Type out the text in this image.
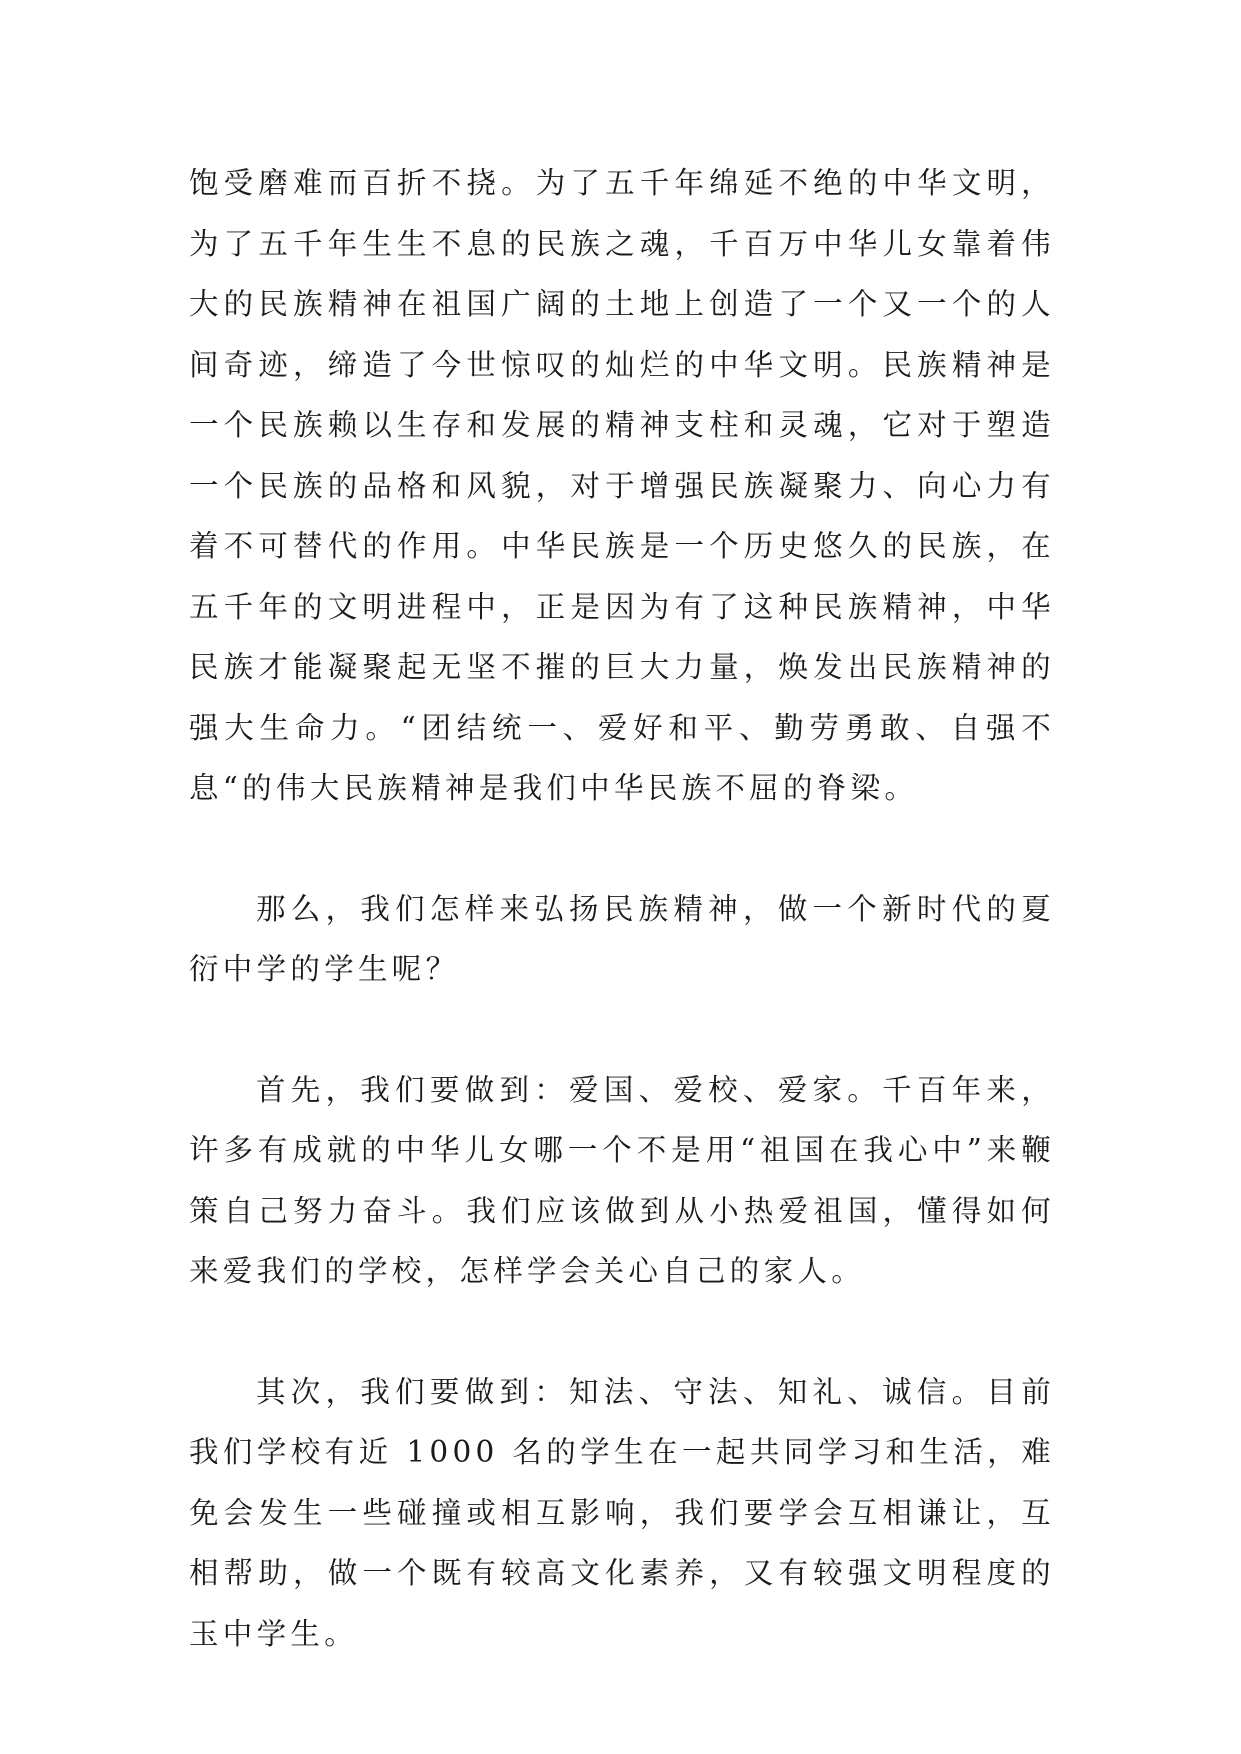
饱受磨难而百折不挠。为了五千年绵延不绝的中华文明，为了五千年生生不息的民族之魂，千百万中华儿女靠着伟大的民族精神在祖国广阔的土地上创造了一个又一个的人间奇迹，缔造了今世惊叹的灿烂的中华文明。民族精神是一个民族赖以生存和发展的精神支柱和灵魂，它对于塑造一个民族的品格和风貌，对于增强民族凝聚力、向心力有着不可替代的作用。中华民族是一个历史悠久的民族，在五千年的文明进程中，正是因为有了这种民族精神，中华民族才能凝聚起无坚不摧的巨大力量，焕发出民族精神的强大生命力。“团结统一、爱好和平、勤劳勇敢、自强不息“的伟大民族精神是我们中华民族不屈的脊梁。

那么，我们怎样来弘扬民族精神，做一个新时代的夏衍中学的学生呢？

首先，我们要做到：爱国、爱校、爱家。千百年来，许多有成就的中华儿女哪一个不是用“祖国在我心中”来鞭策自己努力奋斗。我们应该做到从小热爱祖国，懂得如何来爱我们的学校，怎样学会关心自己的家人。

其次，我们要做到：知法、守法、知礼、诚信。目前我们学校有近 1000 名的学生在一起共同学习和生活，难免会发生一些碰撞或相互影响，我们要学会互相谦让，互相帮助，做一个既有较高文化素养，又有较强文明程度的玉中学生。
